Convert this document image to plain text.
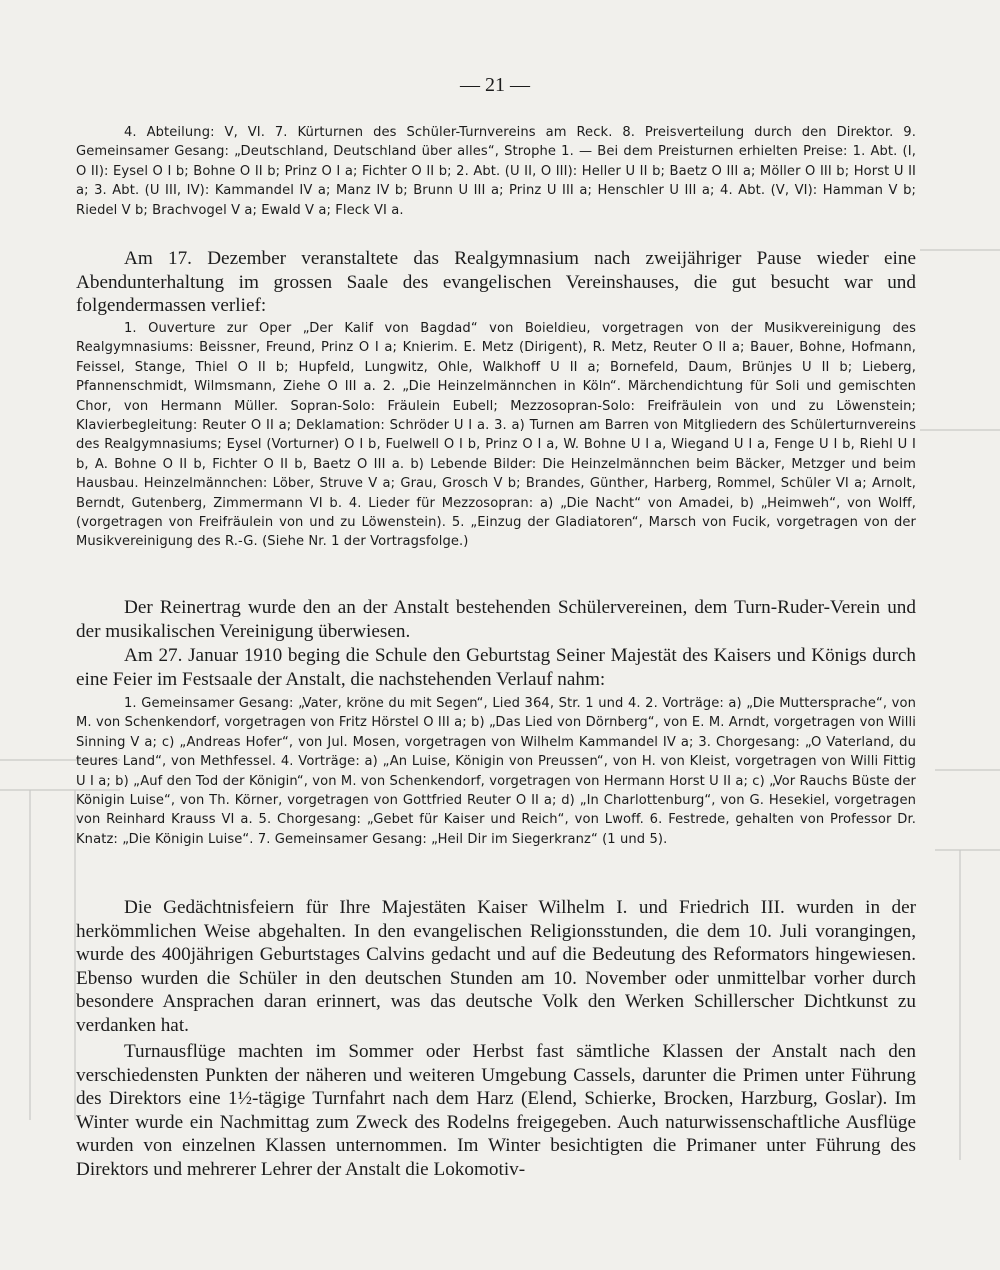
— 21 —

4. Abteilung: V, VI. 7. Kürturnen des Schüler-Turnvereins am Reck. 8. Preisverteilung durch den Direktor. 9. Gemeinsamer Gesang: „Deutschland, Deutschland über alles“, Strophe 1. — Bei dem Preisturnen erhielten Preise: 1. Abt. (I, O II): Eysel O I b; Bohne O II b; Prinz O I a; Fichter O II b; 2. Abt. (U II, O III): Heller U II b; Baetz O III a; Möller O III b; Horst U II a; 3. Abt. (U III, IV): Kammandel IV a; Manz IV b; Brunn U III a; Prinz U III a; Henschler U III a; 4. Abt. (V, VI): Hamman V b; Riedel V b; Brachvogel V a; Ewald V a; Fleck VI a.

Am 17. Dezember veranstaltete das Realgymnasium nach zweijähriger Pause wieder eine Abendunterhaltung im grossen Saale des evangelischen Vereinshauses, die gut besucht war und folgendermassen verlief:

1. Ouverture zur Oper „Der Kalif von Bagdad“ von Boieldieu, vorgetragen von der Musikvereinigung des Realgymnasiums: Beissner, Freund, Prinz O I a; Knierim. E. Metz (Dirigent), R. Metz, Reuter O II a; Bauer, Bohne, Hofmann, Feissel, Stange, Thiel O II b; Hupfeld, Lungwitz, Ohle, Walkhoff U II a; Bornefeld, Daum, Brünjes U II b; Lieberg, Pfannenschmidt, Wilmsmann, Ziehe O III a. 2. „Die Heinzelmännchen in Köln“. Märchendichtung für Soli und gemischten Chor, von Hermann Müller. Sopran-Solo: Fräulein Eubell; Mezzosopran-Solo: Freifräulein von und zu Löwenstein; Klavierbegleitung: Reuter O II a; Deklamation: Schröder U I a. 3. a) Turnen am Barren von Mitgliedern des Schülerturnvereins des Realgymnasiums; Eysel (Vorturner) O I b, Fuelwell O I b, Prinz O I a, W. Bohne U I a, Wiegand U I a, Fenge U I b, Riehl U I b, A. Bohne O II b, Fichter O II b, Baetz O III a. b) Lebende Bilder: Die Heinzelmännchen beim Bäcker, Metzger und beim Hausbau. Heinzelmännchen: Löber, Struve V a; Grau, Grosch V b; Brandes, Günther, Harberg, Rommel, Schüler VI a; Arnolt, Berndt, Gutenberg, Zimmermann VI b. 4. Lieder für Mezzosopran: a) „Die Nacht“ von Amadei, b) „Heimweh“, von Wolff, (vorgetragen von Freifräulein von und zu Löwenstein). 5. „Einzug der Gladiatoren“, Marsch von Fucik, vorgetragen von der Musikvereinigung des R.-G. (Siehe Nr. 1 der Vortragsfolge.)

Der Reinertrag wurde den an der Anstalt bestehenden Schülervereinen, dem Turn-Ruder-Verein und der musikalischen Vereinigung überwiesen.

Am 27. Januar 1910 beging die Schule den Geburtstag Seiner Majestät des Kaisers und Königs durch eine Feier im Festsaale der Anstalt, die nachstehenden Verlauf nahm:

1. Gemeinsamer Gesang: „Vater, kröne du mit Segen“, Lied 364, Str. 1 und 4. 2. Vorträge: a) „Die Muttersprache“, von M. von Schenkendorf, vorgetragen von Fritz Hörstel O III a; b) „Das Lied von Dörnberg“, von E. M. Arndt, vorgetragen von Willi Sinning V a; c) „Andreas Hofer“, von Jul. Mosen, vorgetragen von Wilhelm Kammandel IV a; 3. Chorgesang: „O Vaterland, du teures Land“, von Methfessel. 4. Vorträge: a) „An Luise, Königin von Preussen“, von H. von Kleist, vorgetragen von Willi Fittig U I a; b) „Auf den Tod der Königin“, von M. von Schenkendorf, vorgetragen von Hermann Horst U II a; c) „Vor Rauchs Büste der Königin Luise“, von Th. Körner, vorgetragen von Gottfried Reuter O II a; d) „In Charlottenburg“, von G. Hesekiel, vorgetragen von Reinhard Krauss VI a. 5. Chorgesang: „Gebet für Kaiser und Reich“, von Lwoff. 6. Festrede, gehalten von Professor Dr. Knatz: „Die Königin Luise“. 7. Gemeinsamer Gesang: „Heil Dir im Siegerkranz“ (1 und 5).

Die Gedächtnisfeiern für Ihre Majestäten Kaiser Wilhelm I. und Friedrich III. wurden in der herkömmlichen Weise abgehalten. In den evangelischen Religionsstunden, die dem 10. Juli vorangingen, wurde des 400jährigen Geburtstages Calvins gedacht und auf die Bedeutung des Reformators hingewiesen. Ebenso wurden die Schüler in den deutschen Stunden am 10. November oder unmittelbar vorher durch besondere Ansprachen daran erinnert, was das deutsche Volk den Werken Schillerscher Dichtkunst zu verdanken hat.

Turnausflüge machten im Sommer oder Herbst fast sämtliche Klassen der Anstalt nach den verschiedensten Punkten der näheren und weiteren Umgebung Cassels, darunter die Primen unter Führung des Direktors eine 1½-tägige Turnfahrt nach dem Harz (Elend, Schierke, Brocken, Harzburg, Goslar). Im Winter wurde ein Nachmittag zum Zweck des Rodelns freigegeben. Auch naturwissenschaftliche Ausflüge wurden von einzelnen Klassen unternommen. Im Winter besichtigten die Primaner unter Führung des Direktors und mehrerer Lehrer der Anstalt die Lokomotiv-
